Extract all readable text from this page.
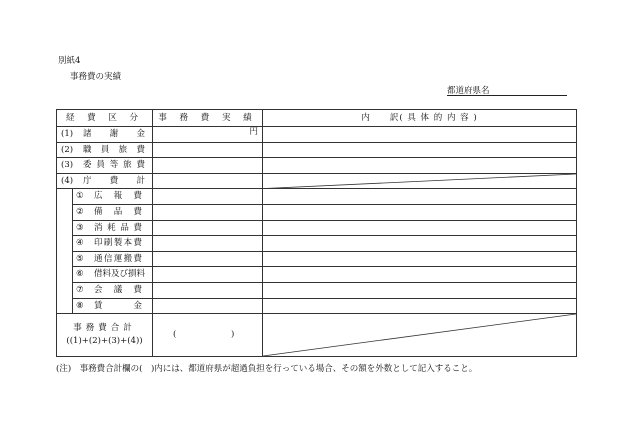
別紙4
事務費の実績
都道府県名
経 費 区 分		事 務 費 実 績	内　　訳( 具 体 的 内 容 )
(1) 諸謝金		円	
(2) 職員旅費			
(3) 委員等旅費			
(4) 庁費計		

	① 広報費		
	② 備品費		
	③ 消耗品費		
	④ 印刷製本費		
	⑤ 通信運搬費		
	⑥ 借料及び損料		
	⑦ 会議費		
	⑧ 賃金		

事務費合計
((1)+(2)+(3)+(4))		( )

(注)　事務費合計欄の(　)内には、都道府県が超過負担を行っている場合、その額を外数として記入すること。
